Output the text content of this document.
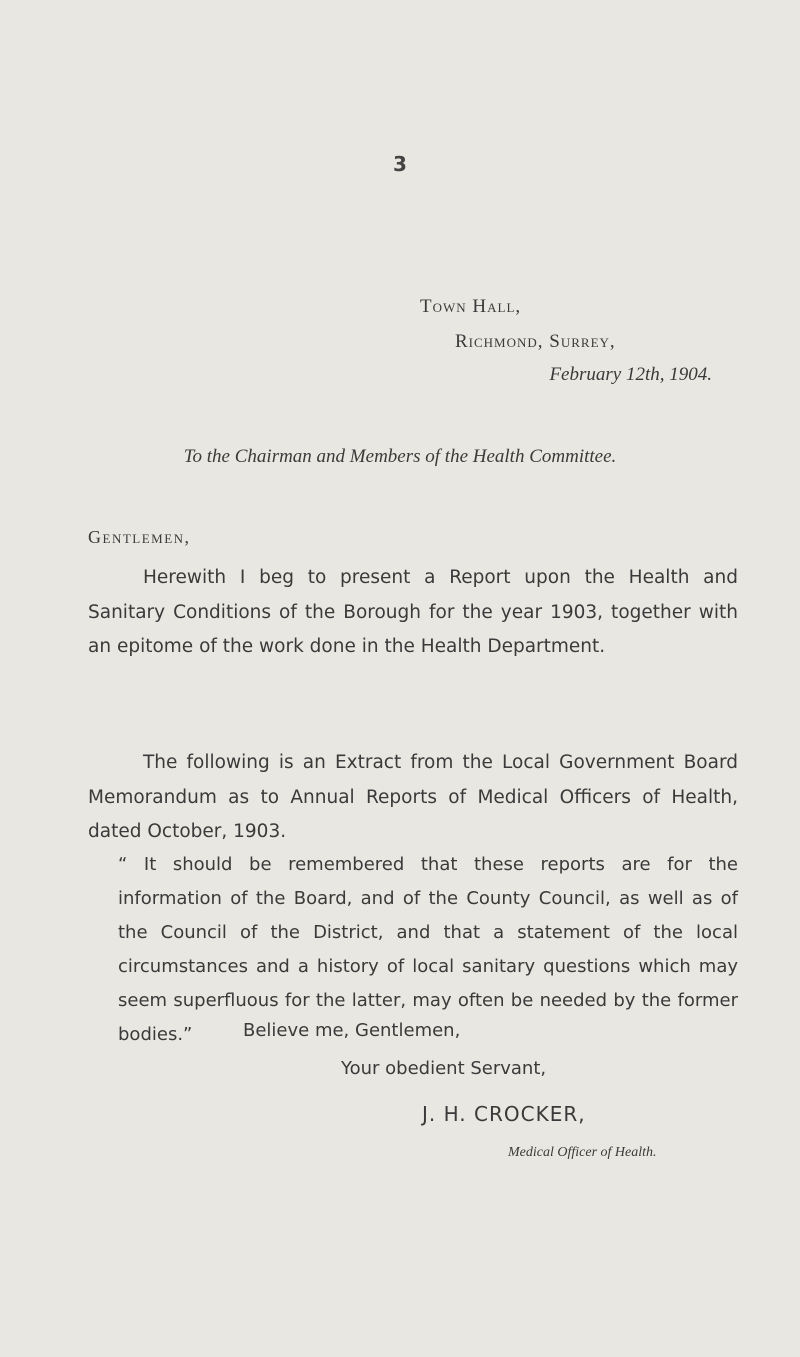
3
Town Hall,
Richmond, Surrey,
February 12th, 1904.
To the Chairman and Members of the Health Committee.
Gentlemen,

Herewith I beg to present a Report upon the Health and Sanitary Conditions of the Borough for the year 1903, together with an epitome of the work done in the Health Department.

The following is an Extract from the Local Government Board Memorandum as to Annual Reports of Medical Officers of Health, dated October, 1903.

“ It should be remembered that these reports are for the information of the Board, and of the County Council, as well as of the Council of the District, and that a statement of the local circumstances and a history of local sanitary questions which may seem superfluous for the latter, may often be needed by the former bodies.”	Believe me, Gentlemen,
Your obedient Servant,
J. H. CROCKER,
Medical Officer of Health.
